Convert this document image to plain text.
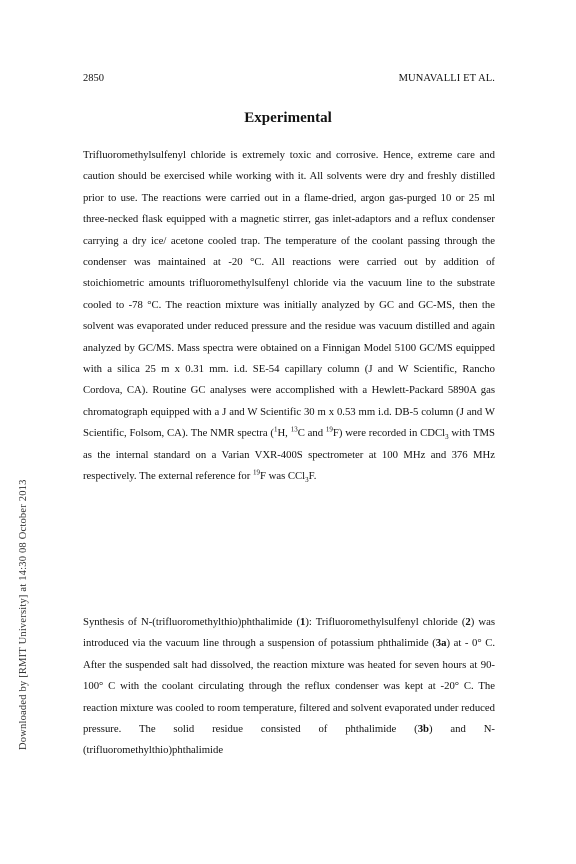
2850	MUNAVALLI ET AL.
Experimental
Downloaded by [RMIT University] at 14:30 08 October 2013

Trifluoromethylsulfenyl chloride is extremely toxic and corrosive. Hence, extreme care and caution should be exercised while working with it. All solvents were dry and freshly distilled prior to use. The reactions were carried out in a flame-dried, argon gas-purged 10 or 25 ml three-necked flask equipped with a magnetic stirrer, gas inlet-adaptors and a reflux condenser carrying a dry ice/ acetone cooled trap. The temperature of the coolant passing through the condenser was maintained at -20 °C. All reactions were carried out by addition of stoichiometric amounts trifluoromethylsulfenyl chloride via the vacuum line to the substrate cooled to -78 °C. The reaction mixture was initially analyzed by GC and GC-MS, then the solvent was evaporated under reduced pressure and the residue was vacuum distilled and again analyzed by GC/MS. Mass spectra were obtained on a Finnigan Model 5100 GC/MS equipped with a silica 25 m x 0.31 mm. i.d. SE-54 capillary column (J and W Scientific, Rancho Cordova, CA). Routine GC analyses were accomplished with a Hewlett-Packard 5890A gas chromatograph equipped with a J and W Scientific 30 m x 0.53 mm i.d. DB-5 column (J and W Scientific, Folsom, CA). The NMR spectra ($^1$H, $^{13}$C and $^{19}$F) were recorded in CDCl$_3$ with TMS as the internal standard on a Varian VXR-400S spectrometer at 100 MHz and 376 MHz respectively. The external reference for $^{19}$F was CCl$_3$F.

Synthesis of N-(trifluoromethylthio)phthalimide (1): Trifluoromethylsulfenyl chloride (2) was introduced via the vacuum line through a suspension of potassium phthalimide (3a) at - 0° C. After the suspended salt had dissolved, the reaction mixture was heated for seven hours at 90-100° C with the coolant circulating through the reflux condenser was kept at -20° C. The reaction mixture was cooled to room temperature, filtered and solvent evaporated under reduced pressure. The solid residue consisted of phthalimide (3b) and N-(trifluoromethylthio)phthalimide
